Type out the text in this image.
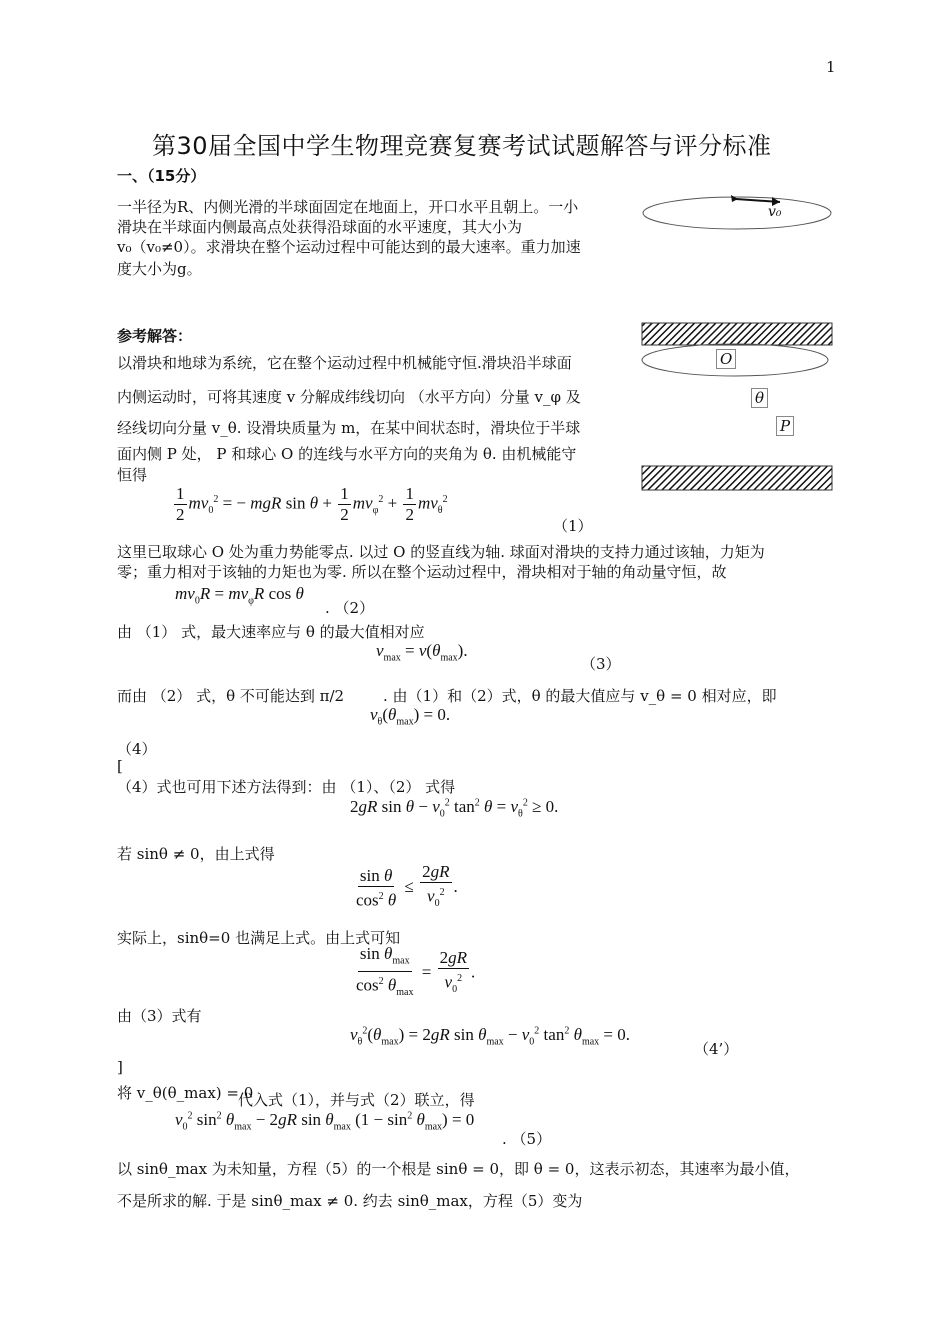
1
第30届全国中学生物理竞赛复赛考试试题解答与评分标准
一、（15分）
一半径为R、内侧光滑的半球面固定在地面上，开口水平且朝上。一小
滑块在半球面内侧最高点处获得沿球面的水平速度，其大小为
v₀（v₀≠0）。求滑块在整个运动过程中可能达到的最大速率。重力加速
度大小为g。
v₀
O
θ
P
参考解答：
以滑块和地球为系统，它在整个运动过程中机械能守恒.滑块沿半球面
内侧运动时，可将其速度 v 分解成纬线切向 （水平方向）分量 v_φ 及
经线切向分量 v_θ. 设滑块质量为 m，在某中间状态时，滑块位于半球
面内侧 P 处， P 和球心 O 的连线与水平方向的夹角为 θ. 由机械能守
恒得
$\frac{1}{2} mv_0^2$ = − mgR $\sin \theta + \frac{1}{2} mv_\varphi^2 + \frac{1}{2} mv_\theta^2$
（1）
这里已取球心 O 处为重力势能零点. 以过 O 的竖直线为轴. 球面对滑块的支持力通过该轴，力矩为
零；重力相对于该轴的力矩也为零. 所以在整个运动过程中，滑块相对于轴的角动量守恒，故
$mv_0R = mv_\varphi R$ cos θ
. （2）
由 （1） 式，最大速率应与 θ 的最大值相对应
$v_{max} = v(\theta_{max})$.
（3）
而由 （2） 式，θ 不可能达到 π/2	. 由（1）和（2）式，θ 的最大值应与 v_θ = 0 相对应，即
$v_\theta(\theta_{max}) = 0$.
（4）
[
（4）式也可用下述方法得到：由 （1）、（2） 式得
2gR $\sin \theta - v_0^2$ $\tan^2 \theta = v_\theta^2 \ge 0$.
若 sinθ ≠ 0，由上式得
$\frac{\text{sin θ}}{\cos^2 \theta} \le \frac{2gR}{v_0^2}$ .
实际上，sinθ=0 也满足上式。由上式可知
$\frac{\sin \theta_{max}}{\cos^2 \theta_{max}} = \frac{2gR}{v_0^2}$ .
由（3）式有
$v_\theta^2(\theta_{max}) = 2gR$ $\sin \theta_{max} - v_0^2$ $\tan^2 \theta_{max} = 0$.
（4’）
]
将 v_θ(θ_max) = 0
代入式（1），并与式（2）联立，得
$v_0^2$ $\sin^2 \theta_{max} - 2gR$ $\sin \theta_{max}$ $(1 - \sin^2 \theta_{max}) = 0$
. （5）
以 sinθ_max 为未知量，方程（5）的一个根是 sinθ = 0，即 θ = 0，这表示初态，其速率为最小值，
不是所求的解. 于是 sinθ_max ≠ 0. 约去 sinθ_max，方程（5）变为
